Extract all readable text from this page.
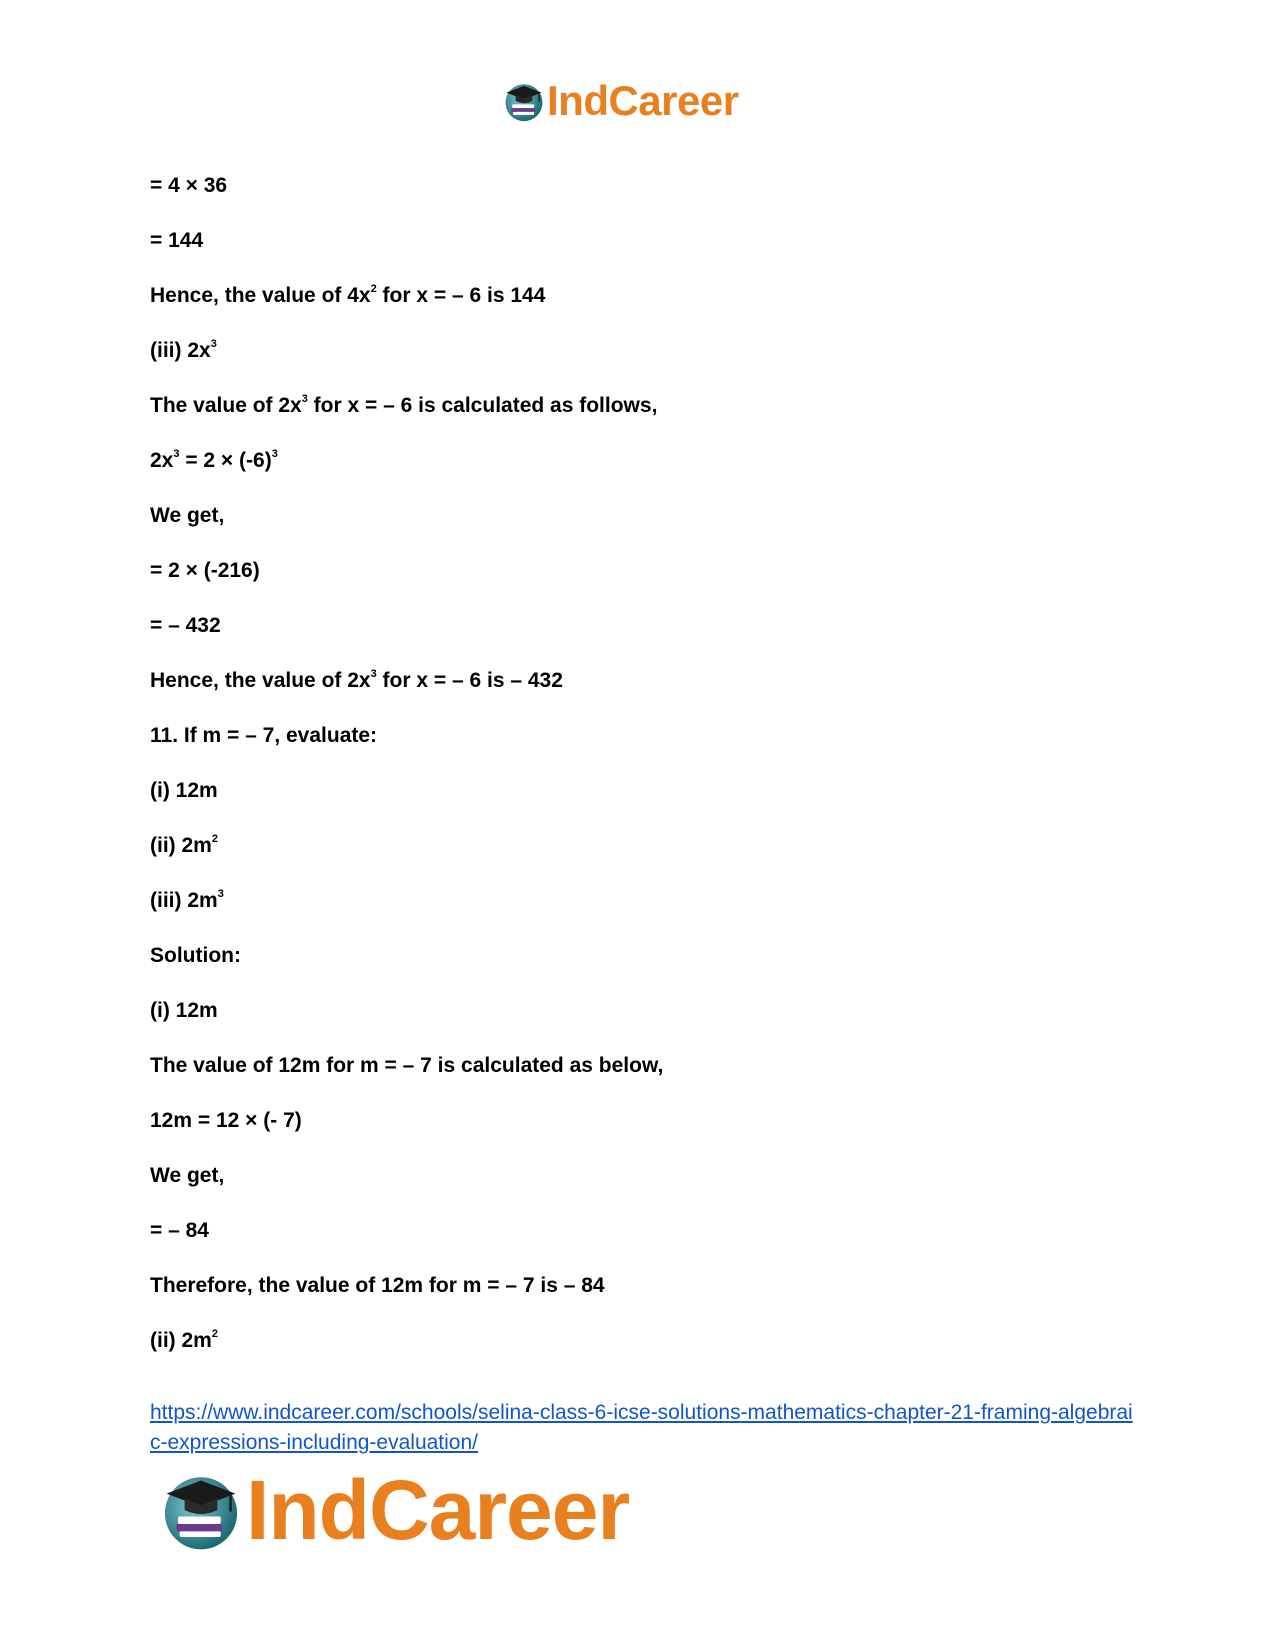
IndCareer
= 4 × 36
= 144
Hence, the value of $4x^2$ for x = – 6 is 144
(iii) $2x^3$
The value of $2x^3$ for x = – 6 is calculated as follows,
$2x^3 = 2 \times (-6)^3$
We get,
= 2 × (-216)
= – 432
Hence, the value of $2x^3$ for x = – 6 is – 432
11. If m = – 7, evaluate:
(i) 12m
(ii) $2m^2$
(iii) $2m^3$
Solution:
(i) 12m
The value of 12m for m = – 7 is calculated as below,
12m = 12 × (- 7)
We get,
= – 84
Therefore, the value of 12m for m = – 7 is – 84
(ii) $2m^2$
https://www.indcareer.com/schools/selina-class-6-icse-solutions-mathematics-chapter-21-framing-algebraic-expressions-including-evaluation/
IndCareer
